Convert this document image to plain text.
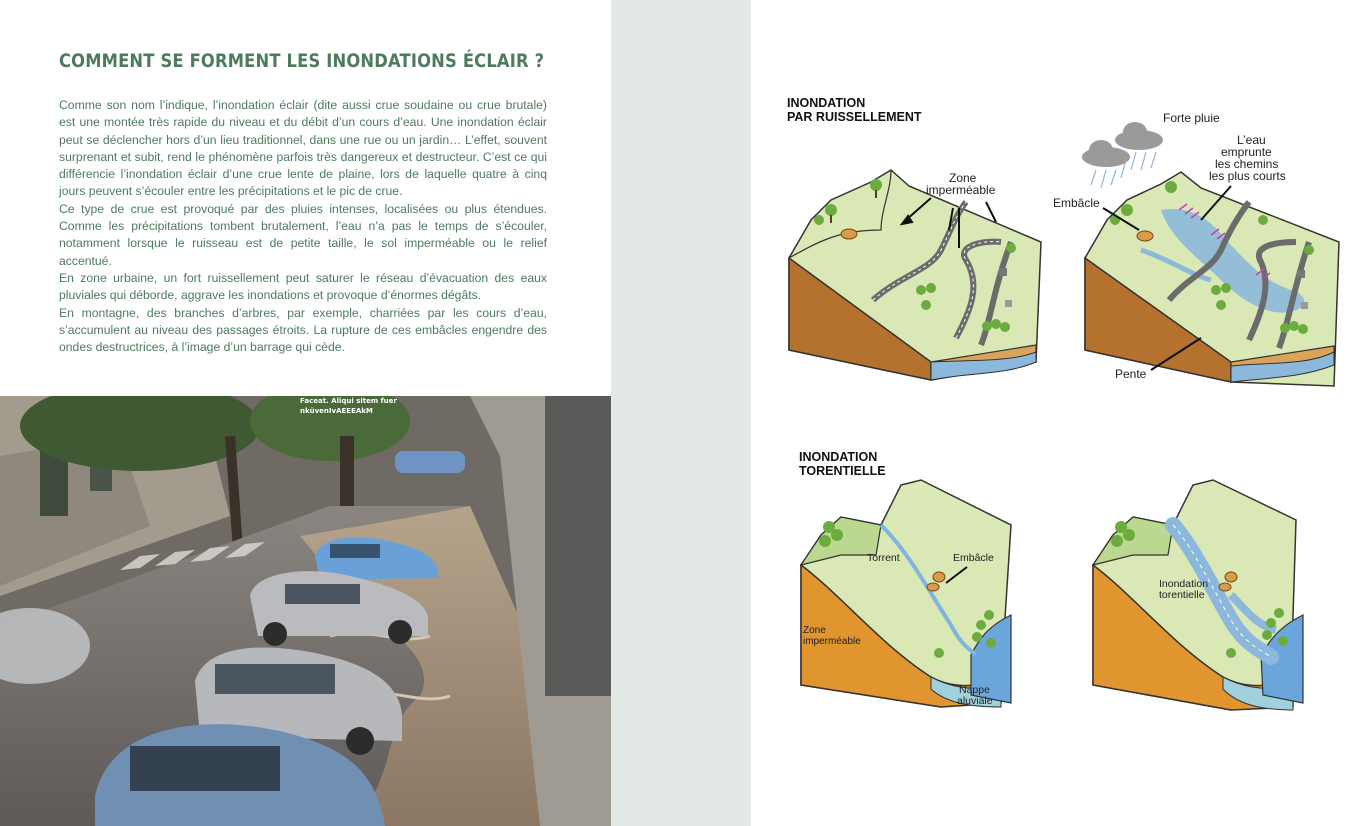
COMMENT SE FORMENT LES INONDATIONS ÉCLAIR ?

Comme son nom l’indique, l’inondation éclair (dite aussi crue soudaine ou crue brutale) est une montée très rapide du niveau et du débit d’un cours d’eau. Une inondation éclair peut se déclencher hors d’un lieu traditionnel, dans une rue ou un jardin… L’effet, souvent surprenant et subit, rend le phénomène parfois très dangereux et destructeur. C’est ce qui différencie l’inondation éclair d’une crue lente de plaine, lors de laquelle quatre à cinq jours peuvent s’écouler entre les précipitations et le pic de crue.

Ce type de crue est provoqué par des pluies intenses, localisées ou plus étendues. Comme les précipitations tombent brutalement, l’eau n’a pas le temps de s’écouler, notamment lorsque le ruisseau est de petite taille, le sol imperméable ou le relief accentué.

En zone urbaine, un fort ruissellement peut saturer le réseau d’évacuation des eaux pluviales qui déborde, aggrave les inondations et provoque d’énormes dégâts.

En montagne, des branches d’arbres, par exemple, charriées par les cours d’eau, s’accumulent au niveau des passages étroits. La rupture de ces embâcles engendre des ondes destructrices, à l’image d’un barrage qui cède.

Faceat. Aliqui sitem fuer
nküvenIvAEEEAkM
INONDATION
PAR RUISSELLEMENT
Zone
imperméable
Forte pluie
L’eau
emprunte
les chemins
les plus courts
Embâcle
Pente
INONDATION
TORENTIELLE
Torrent	Embâcle
Zone
imperméable
Nappe
aluviale
Inondation
torentielle
